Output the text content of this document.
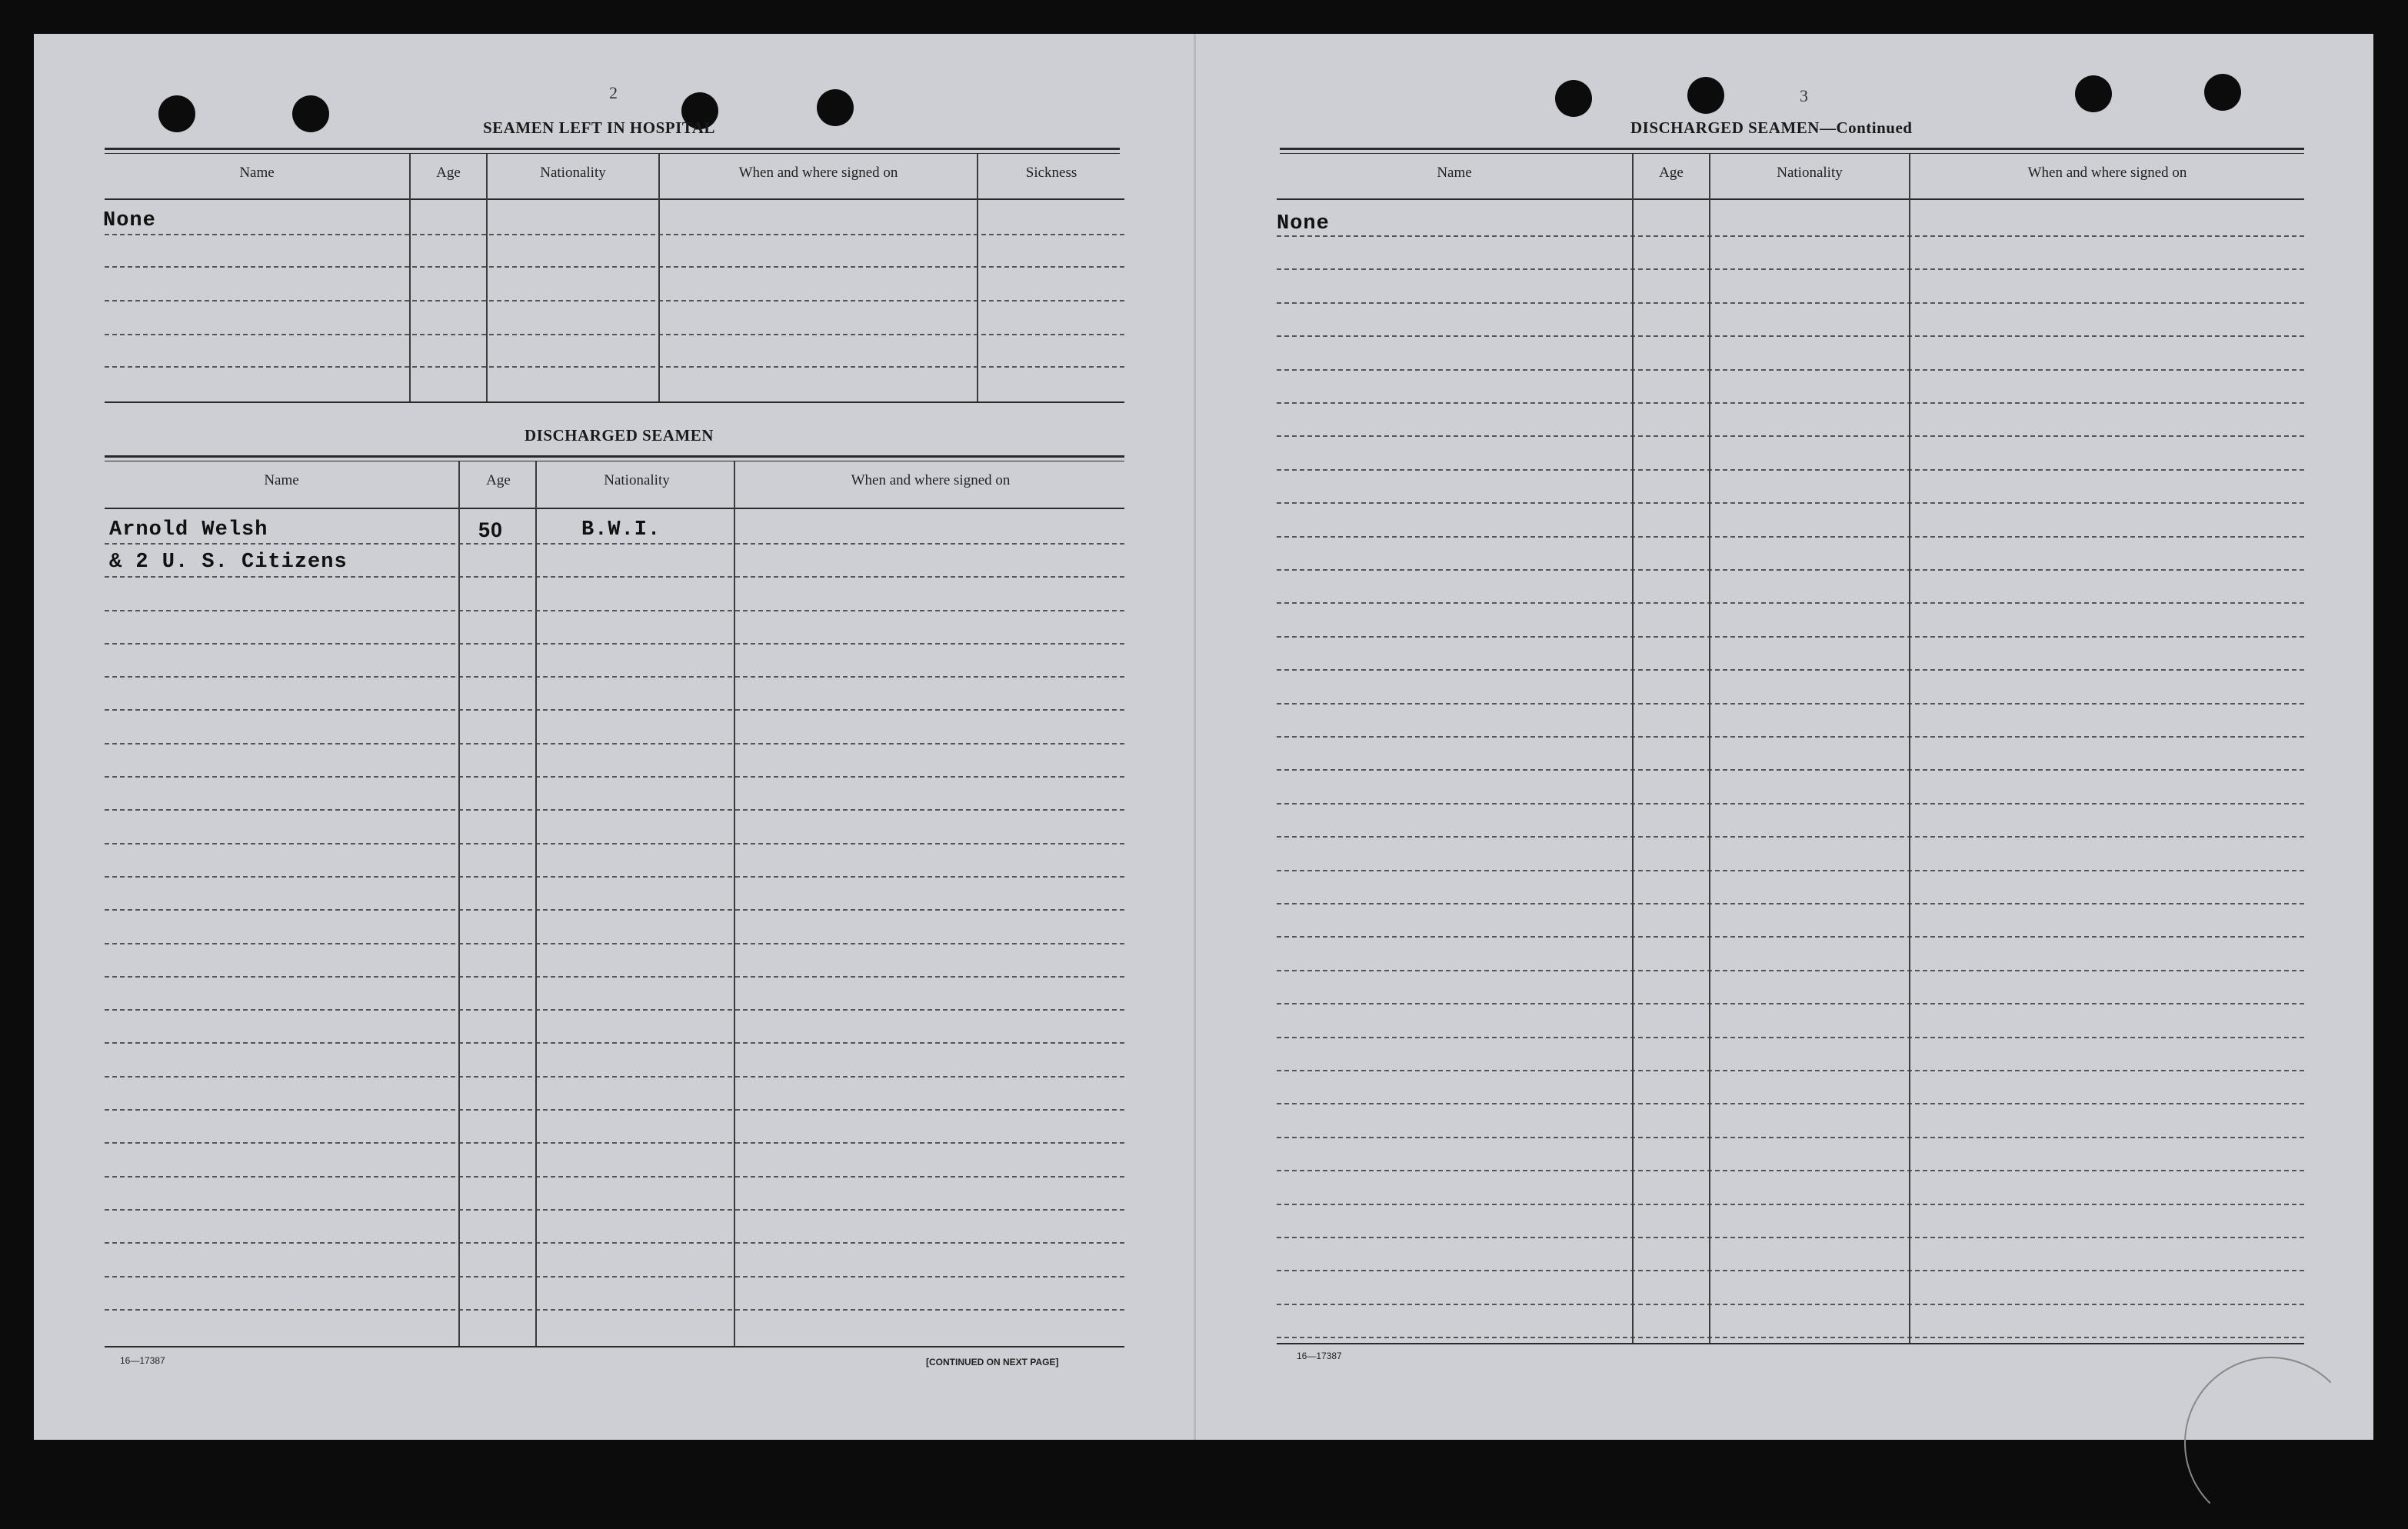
2
SEAMEN LEFT IN HOSPITAL
Name	Age	Nationality	When and where signed on	Sickness
None
DISCHARGED SEAMEN
Name	Age	Nationality	When and where signed on
Arnold Welsh	50	B.W.I.
& 2 U. S. Citizens
16—17387	[CONTINUED ON NEXT PAGE]
3
DISCHARGED SEAMEN—Continued
Name	Age	Nationality	When and where signed on
None
16—17387
